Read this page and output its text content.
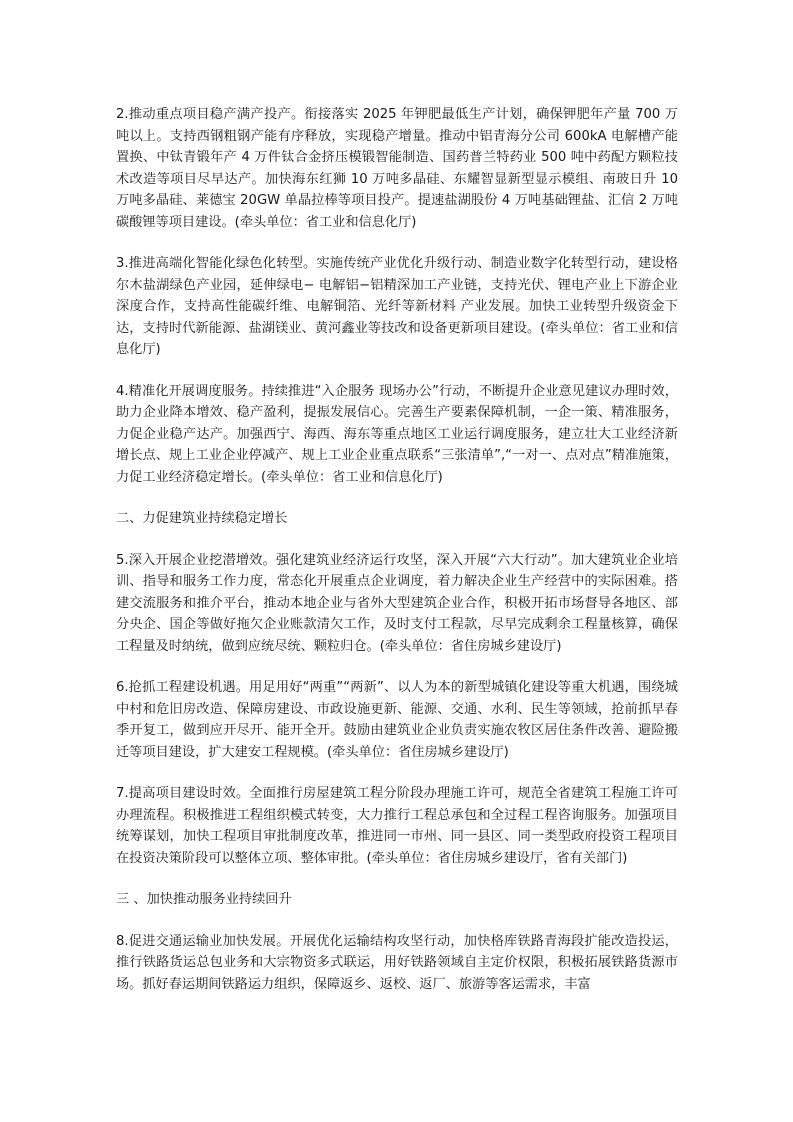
2.推动重点项目稳产满产投产。衔接落实 2025 年钾肥最低生产计划，确保钾肥年产量 700 万吨以上。支持西钢粗钢产能有序释放，实现稳产增量。推动中铝青海分公司 600kA 电解槽产能置换、中钛青锻年产 4 万件钛合金挤压模锻智能制造、国药普兰特药业 500 吨中药配方颗粒技术改造等项目尽早达产。加快海东红狮 10 万吨多晶硅、东耀智显新型显示模组、南玻日升 10 万吨多晶硅、莱德宝 20GW 单晶拉棒等项目投产。提速盐湖股份 4 万吨基础锂盐、汇信 2 万吨碳酸锂等项目建设。(牵头单位：省工业和信息化厅)

3.推进高端化智能化绿色化转型。实施传统产业优化升级行动、制造业数字化转型行动，建设格尔木盐湖绿色产业园，延伸绿电− 电解铝−铝精深加工产业链，支持光伏、锂电产业上下游企业深度合作，支持高性能碳纤维、电解铜箔、光纤等新材料 产业发展。加快工业转型升级资金下达，支持时代新能源、盐湖镁业、黄河鑫业等技改和设备更新项目建设。(牵头单位：省工业和信息化厅)

4.精准化开展调度服务。持续推进“入企服务 现场办公”行动，不断提升企业意见建议办理时效，助力企业降本增效、稳产盈利，提振发展信心。完善生产要素保障机制，一企一策、精准服务，力促企业稳产达产。加强西宁、海西、海东等重点地区工业运行调度服务，建立壮大工业经济新增长点、规上工业企业停减产、规上工业企业重点联系“三张清单”,“一对一、点对点”精准施策，力促工业经济稳定增长。(牵头单位：省工业和信息化厅)

二、力促建筑业持续稳定增长

5.深入开展企业挖潜增效。强化建筑业经济运行攻坚，深入开展“六大行动”。加大建筑业企业培训、指导和服务工作力度，常态化开展重点企业调度，着力解决企业生产经营中的实际困难。搭建交流服务和推介平台，推动本地企业与省外大型建筑企业合作，积极开拓市场督导各地区、部分央企、国企等做好拖欠企业账款清欠工作，及时支付工程款，尽早完成剩余工程量核算，确保工程量及时纳统，做到应统尽统、颗粒归仓。(牵头单位：省住房城乡建设厅)

6.抢抓工程建设机遇。用足用好“两重”“两新”、以人为本的新型城镇化建设等重大机遇，围绕城中村和危旧房改造、保障房建设、市政设施更新、能源、交通、水利、民生等领域，抢前抓早春季开复工，做到应开尽开、能开全开。鼓励由建筑业企业负责实施农牧区居住条件改善、避险搬迁等项目建设，扩大建安工程规模。(牵头单位：省住房城乡建设厅)

7.提高项目建设时效。全面推行房屋建筑工程分阶段办理施工许可，规范全省建筑工程施工许可办理流程。积极推进工程组织模式转变，大力推行工程总承包和全过程工程咨询服务。加强项目统筹谋划，加快工程项目审批制度改革，推进同一市州、同一县区、同一类型政府投资工程项目在投资决策阶段可以整体立项、整体审批。(牵头单位：省住房城乡建设厅，省有关部门)

三 、加快推动服务业持续回升

8.促进交通运输业加快发展。开展优化运输结构攻坚行动，加快格库铁路青海段扩能改造投运，推行铁路货运总包业务和大宗物资多式联运，用好铁路领域自主定价权限，积极拓展铁路货源市场。抓好春运期间铁路运力组织，保障返乡、返校、返厂、旅游等客运需求，丰富
